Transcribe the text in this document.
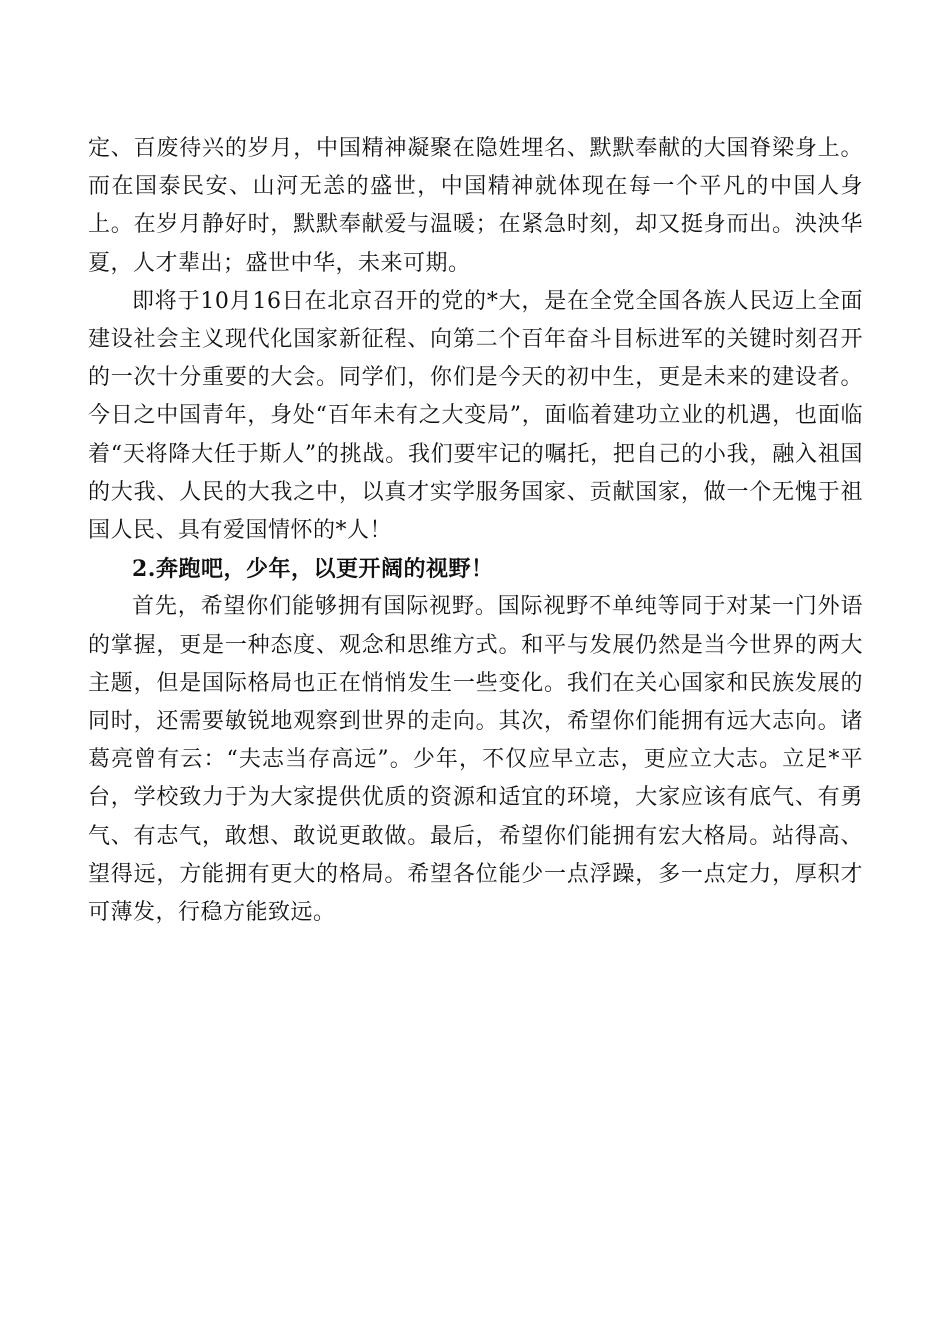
定、百废待兴的岁月，中国精神凝聚在隐姓埋名、默默奉献的大国脊梁身上。而在国泰民安、山河无恙的盛世，中国精神就体现在每一个平凡的中国人身上。在岁月静好时，默默奉献爱与温暖；在紧急时刻，却又挺身而出。泱泱华夏，人才辈出；盛世中华，未来可期。

即将于10月16日在北京召开的党的*大，是在全党全国各族人民迈上全面建设社会主义现代化国家新征程、向第二个百年奋斗目标进军的关键时刻召开的一次十分重要的大会。同学们，你们是今天的初中生，更是未来的建设者。今日之中国青年，身处“百年未有之大变局”，面临着建功立业的机遇，也面临着“天将降大任于斯人”的挑战。我们要牢记的嘱托，把自己的小我，融入祖国的大我、人民的大我之中，以真才实学服务国家、贡献国家，做一个无愧于祖国人民、具有爱国情怀的*人！

2.奔跑吧，少年，以更开阔的视野！

首先，希望你们能够拥有国际视野。国际视野不单纯等同于对某一门外语的掌握，更是一种态度、观念和思维方式。和平与发展仍然是当今世界的两大主题，但是国际格局也正在悄悄发生一些变化。我们在关心国家和民族发展的同时，还需要敏锐地观察到世界的走向。其次，希望你们能拥有远大志向。诸葛亮曾有云：“夫志当存高远”。少年，不仅应早立志，更应立大志。立足*平台，学校致力于为大家提供优质的资源和适宜的环境，大家应该有底气、有勇气、有志气，敢想、敢说更敢做。最后，希望你们能拥有宏大格局。站得高、望得远，方能拥有更大的格局。希望各位能少一点浮躁，多一点定力，厚积才可薄发，行稳方能致远。
